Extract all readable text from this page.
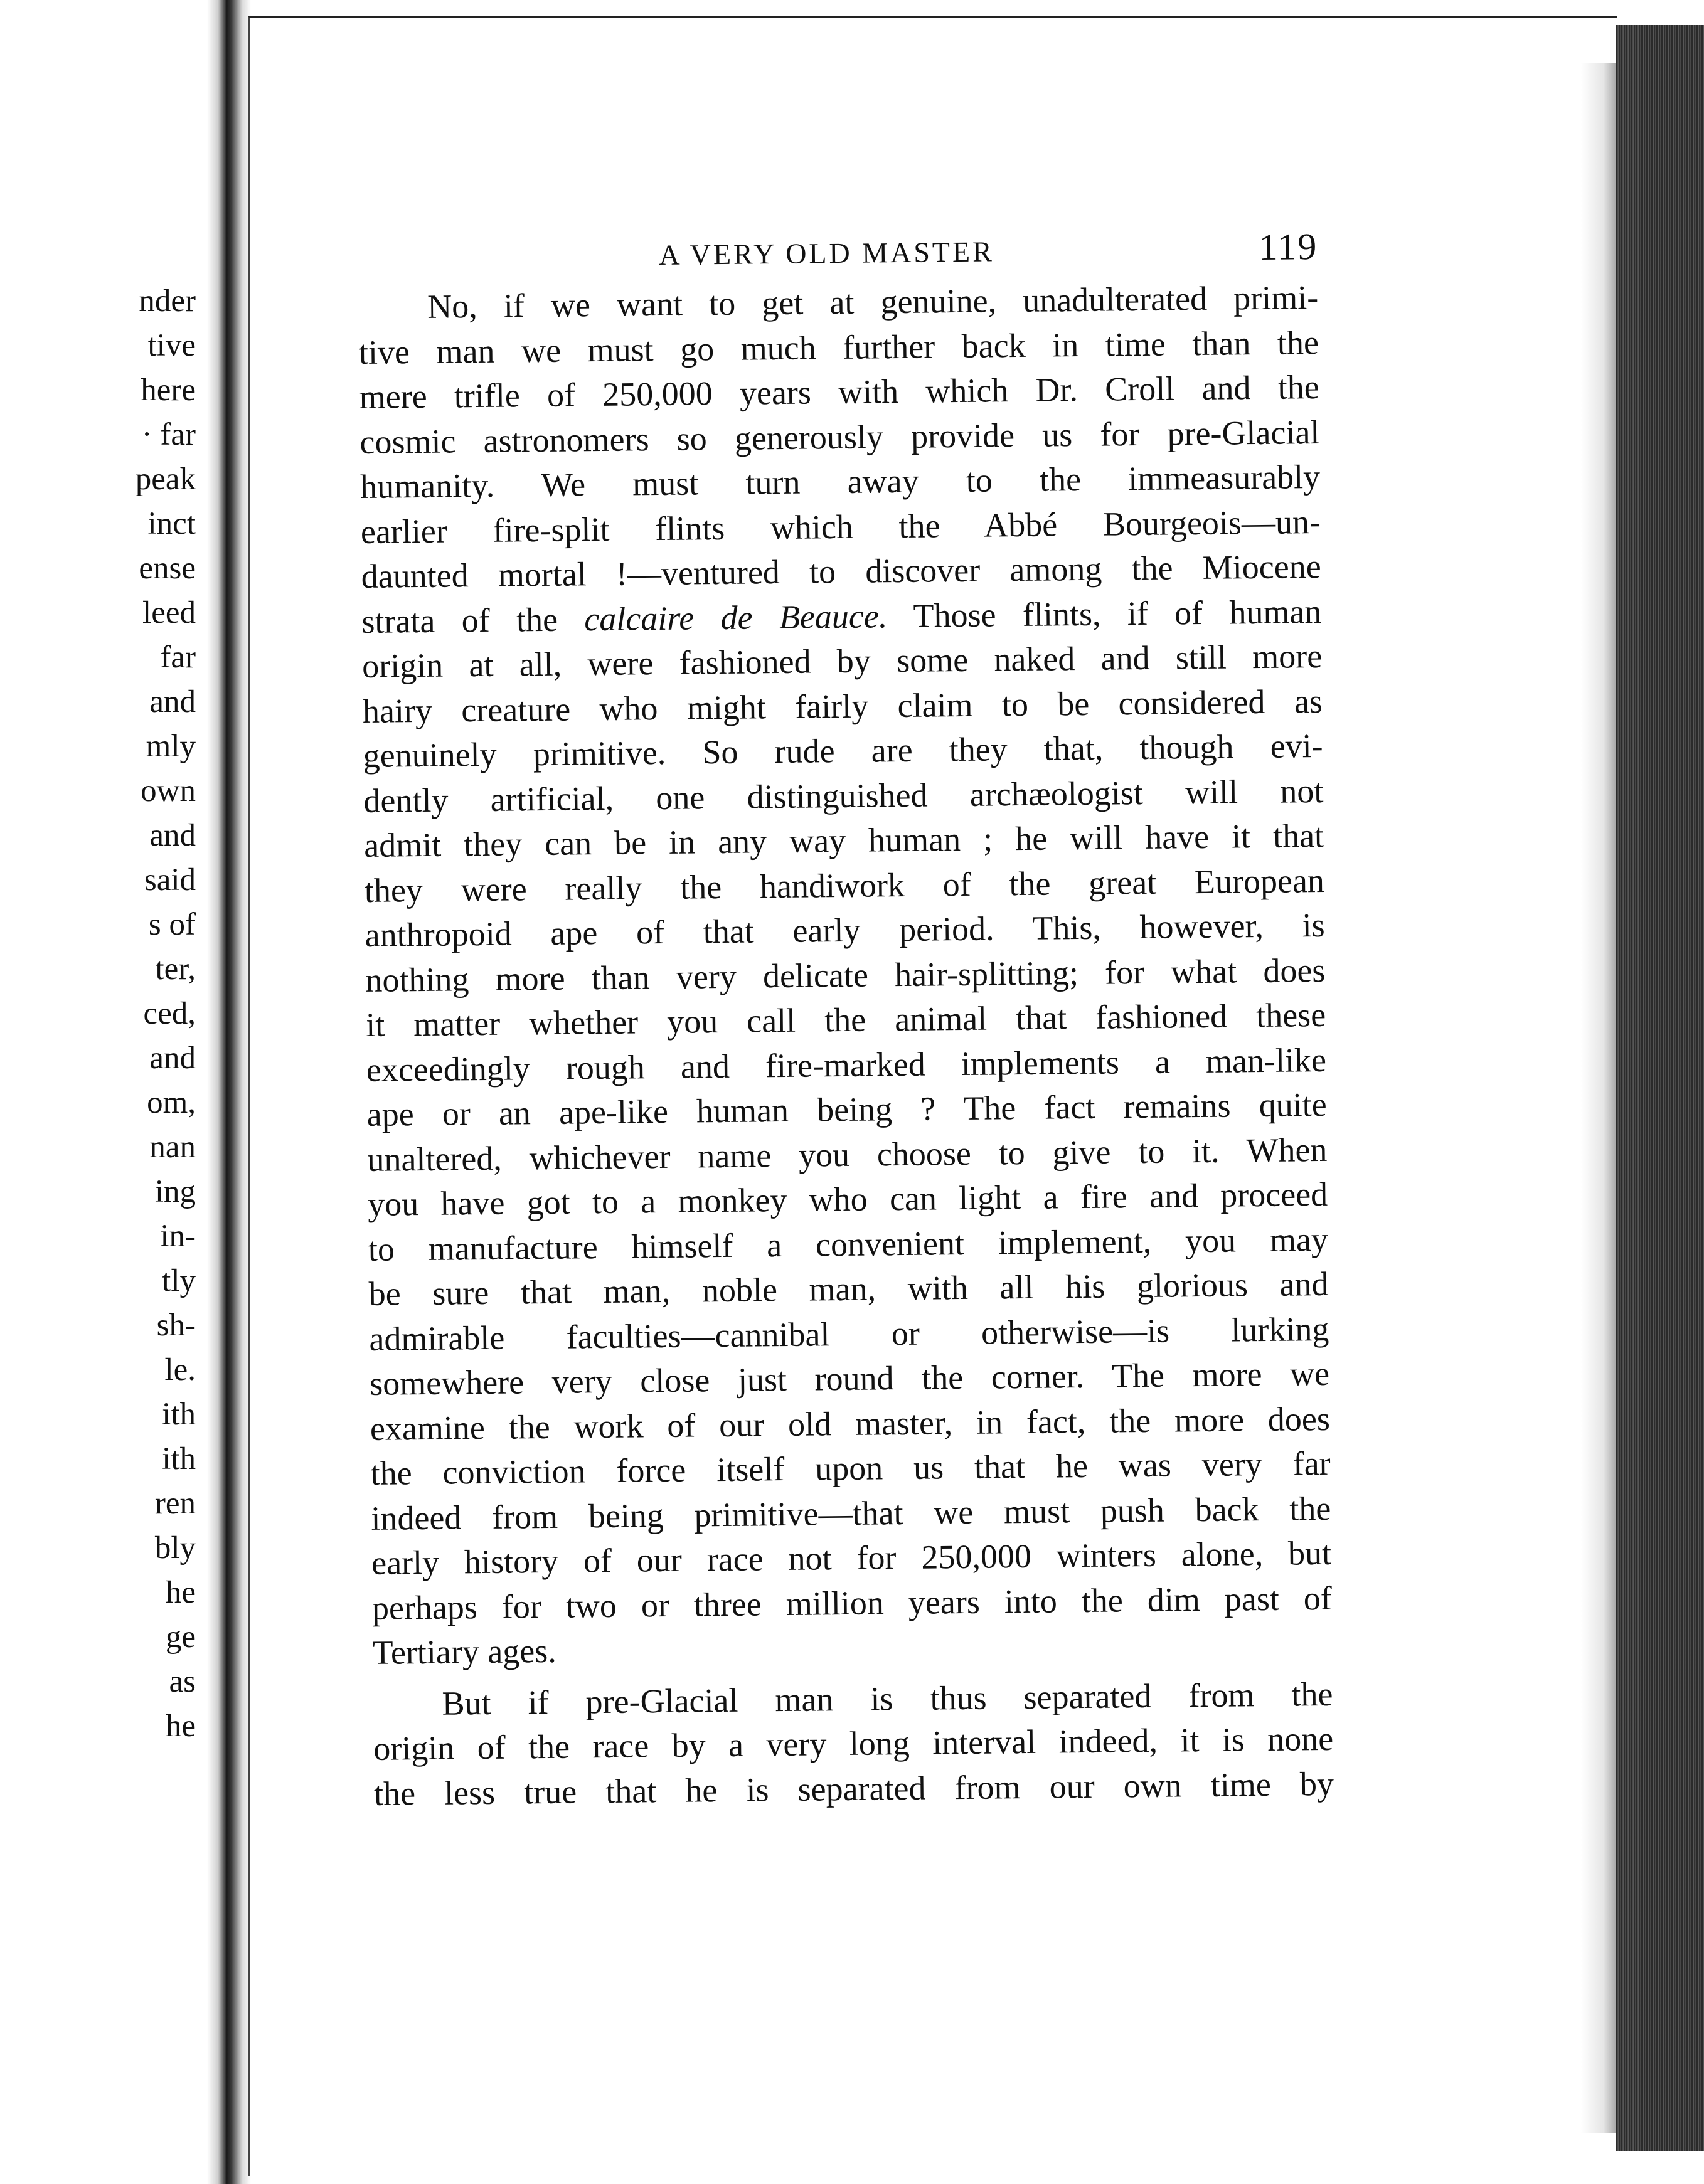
nder
tive
here
· far
peak
inct
ense
leed
far
and
mly
own
and
said
s of
ter,
ced,
and
om,
nan
ing
in-
tly
sh-
le.
ith
ith
ren
bly
he
ge
as
he
A VERY OLD MASTER	119
No, if we want to get at genuine, unadulterated primi-
tive man we must go much further back in time than the
mere trifle of 250,000 years with which Dr. Croll and the
cosmic astronomers so generously provide us for pre-Glacial
humanity. We must turn away to the immeasurably
earlier fire-split flints which the Abbé Bourgeois—un-
daunted mortal !—ventured to discover among the Miocene
strata of the calcaire de Beauce. Those flints, if of human
origin at all, were fashioned by some naked and still more
hairy creature who might fairly claim to be considered as
genuinely primitive. So rude are they that, though evi-
dently artificial, one distinguished archæologist will not
admit they can be in any way human ; he will have it that
they were really the handiwork of the great European
anthropoid ape of that early period. This, however, is
nothing more than very delicate hair-splitting; for what does
it matter whether you call the animal that fashioned these
exceedingly rough and fire-marked implements a man-like
ape or an ape-like human being ? The fact remains quite
unaltered, whichever name you choose to give to it. When
you have got to a monkey who can light a fire and proceed
to manufacture himself a convenient implement, you may
be sure that man, noble man, with all his glorious and
admirable faculties—cannibal or otherwise—is lurking
somewhere very close just round the corner. The more we
examine the work of our old master, in fact, the more does
the conviction force itself upon us that he was very far
indeed from being primitive—that we must push back the
early history of our race not for 250,000 winters alone, but
perhaps for two or three million years into the dim past of
Tertiary ages.
But if pre-Glacial man is thus separated from the
origin of the race by a very long interval indeed, it is none
the less true that he is separated from our own time by
